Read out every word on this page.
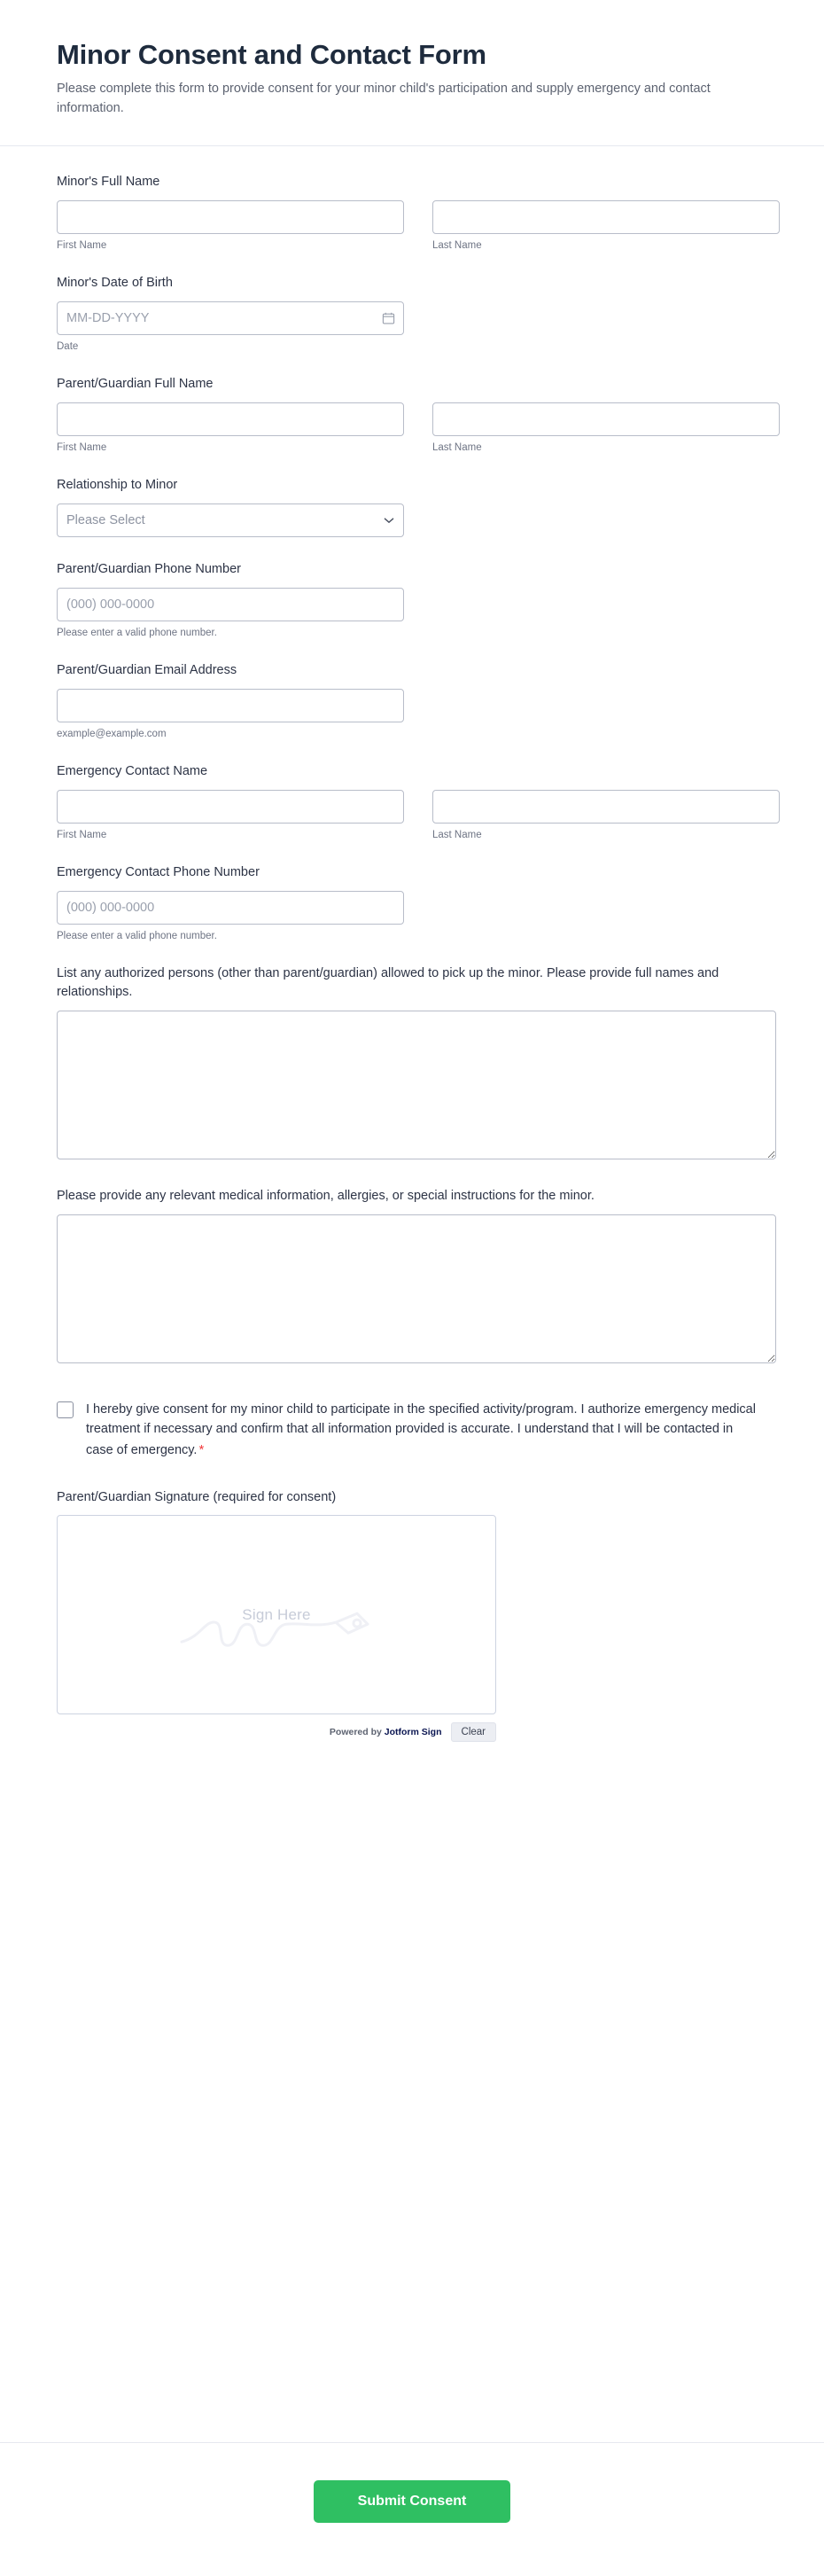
Minor Consent and Contact Form

Please complete this form to provide consent for your minor child's participation and supply emergency and contact information.

Minor's Full Name
First Name	Last Name
Minor's Date of Birth
MM-DD-YYYY
Date
Parent/Guardian Full Name
First Name	Last Name
Relationship to Minor
Please Select
Parent/Guardian Phone Number
(000) 000-0000
Please enter a valid phone number.
Parent/Guardian Email Address
example@example.com
Emergency Contact Name
First Name	Last Name
Emergency Contact Phone Number
(000) 000-0000
Please enter a valid phone number.
List any authorized persons (other than parent/guardian) allowed to pick up the minor. Please provide full names and relationships.
Please provide any relevant medical information, allergies, or special instructions for the minor.
I hereby give consent for my minor child to participate in the specified activity/program. I authorize emergency medical treatment if necessary and confirm that all information provided is accurate. I understand that I will be contacted in case of emergency. *
Parent/Guardian Signature (required for consent)
Sign Here
Powered by Jotform Sign	Clear
Submit Consent
